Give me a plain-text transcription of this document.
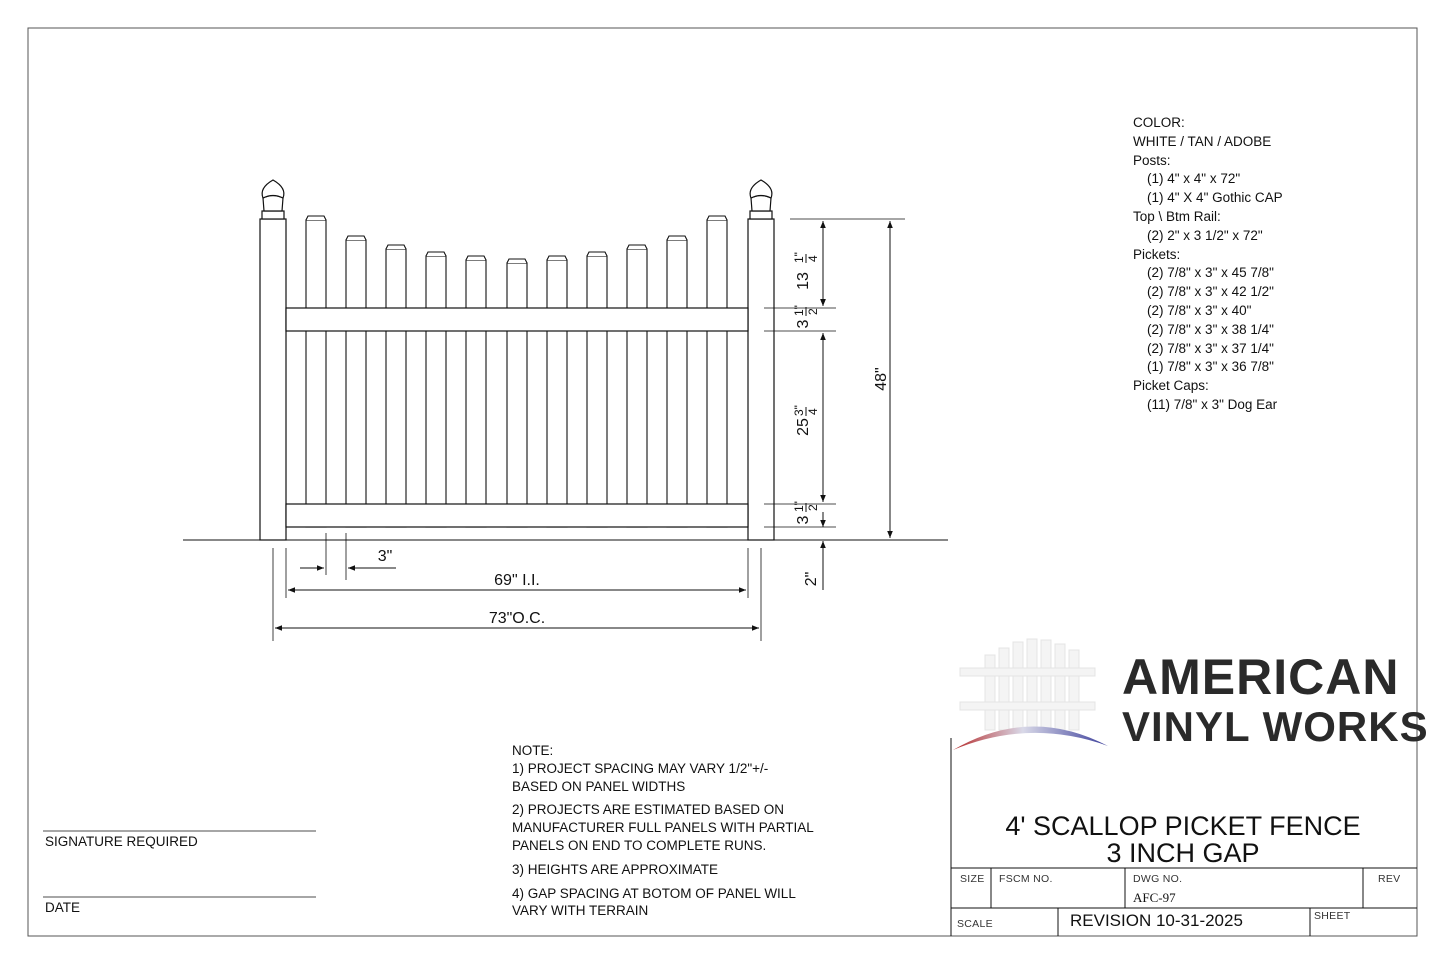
13
1" 4
3
1" 2
25
3" 4
3
1" 2
48"
2"
3"
69" I.I.
73"O.C.
COLOR:
WHITE / TAN / ADOBE
Posts:
(1) 4" x 4" x 72"
(1) 4" X 4" Gothic CAP
Top \ Btm Rail:
(2) 2" x 3 1/2" x 72"
Pickets:
(2) 7/8" x 3" x 45 7/8"
(2) 7/8" x 3" x 42 1/2"
(2) 7/8" x 3" x 40"
(2) 7/8" x 3" x 38 1/4"
(2) 7/8" x 3" x 37 1/4"
(1) 7/8" x 3" x 36 7/8"
Picket Caps:
(11) 7/8" x 3" Dog Ear
NOTE:
1) PROJECT SPACING MAY VARY 1/2"+/-
BASED ON PANEL WIDTHS
2) PROJECTS ARE ESTIMATED BASED ON
MANUFACTURER FULL PANELS WITH PARTIAL
PANELS ON END TO COMPLETE RUNS.
3) HEIGHTS ARE APPROXIMATE
4) GAP SPACING AT BOTOM OF PANEL WILL
VARY WITH TERRAIN
SIGNATURE REQUIRED
DATE
AMERICAN
VINYL WORKS
4' SCALLOP PICKET FENCE
3 INCH GAP
SIZE FSCM NO.	DWG NO.
AFC-97
REV
SCALE	REVISION 10-31-2025	SHEET
